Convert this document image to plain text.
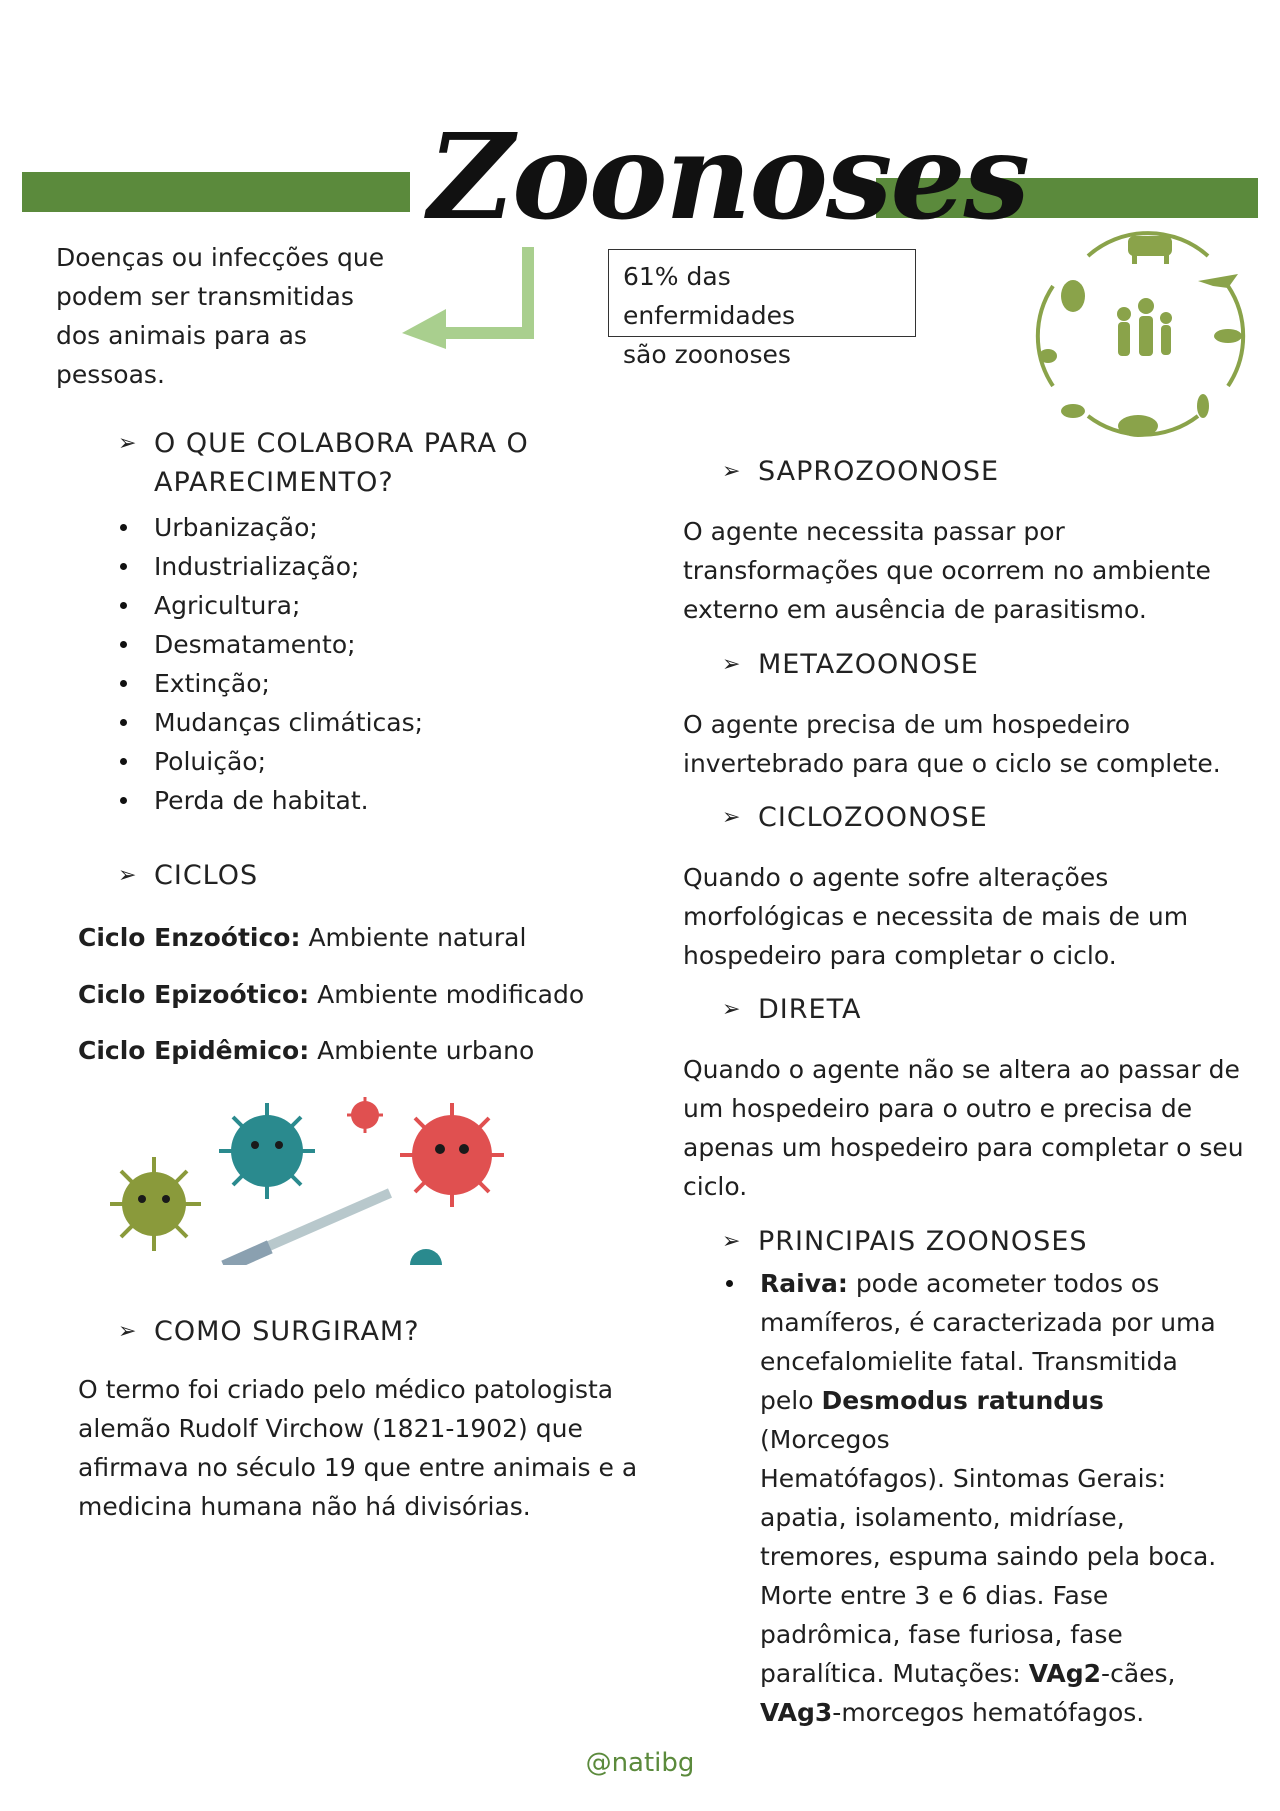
Zoonoses
Doenças ou infecções que
podem ser transmitidas
dos animais para as
pessoas.
61% das enfermidades
são zoonoses
➢ O QUE COLABORA PARA O
APARECIMENTO?
Urbanização;
Industrialização;
Agricultura;
Desmatamento;
Extinção;
Mudanças climáticas;
Poluição;
Perda de habitat.
➢ CICLOS
Ciclo Enzoótico: Ambiente natural
Ciclo Epizoótico: Ambiente modificado
Ciclo Epidêmico: Ambiente urbano
➢ COMO SURGIRAM?
O termo foi criado pelo médico patologista
alemão Rudolf Virchow (1821-1902) que
afirmava no século 19 que entre animais e a
medicina humana não há divisórias.
➢ SAPROZOONOSE
O agente necessita passar por
transformações que ocorrem no ambiente
externo em ausência de parasitismo.
➢ METAZOONOSE
O agente precisa de um hospedeiro
invertebrado para que o ciclo se complete.
➢ CICLOZOONOSE
Quando o agente sofre alterações
morfológicas e necessita de mais de um
hospedeiro para completar o ciclo.
➢ DIRETA
Quando o agente não se altera ao passar de
um hospedeiro para o outro e precisa de
apenas um hospedeiro para completar o seu
ciclo.
➢ PRINCIPAIS ZOONOSES
Raiva: pode acometer todos os
mamíferos, é caracterizada por uma
encefalomielite fatal. Transmitida
pelo Desmodus ratundus (Morcegos
Hematófagos). Sintomas Gerais:
apatia, isolamento, midríase,
tremores, espuma saindo pela boca.
Morte entre 3 e 6 dias. Fase
padrômica, fase furiosa, fase
paralítica. Mutações: VAg2-cães,
VAg3-morcegos hematófagos.
@natibg
